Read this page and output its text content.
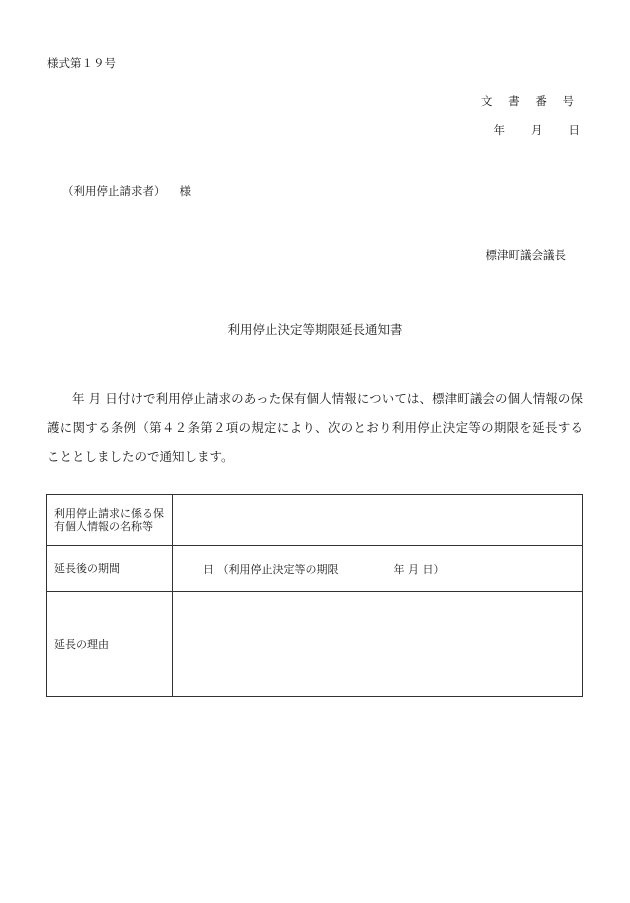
様式第１９号
文 書 番 号
年 月 日
（利用停止請求者） 様
標津町議会議長
利用停止決定等期限延長通知書
年 月 日付けで利用停止請求のあった保有個人情報については、標津町議会の個人情報の保護に関する条例（第４２条第２項の規定により、次のとおり利用停止決定等の期限を延長することとしましたので通知します。
利用停止請求に係る保有個人情報の名称等	
延長後の期間	日 （利用停止決定等の期限　　　　　年 月 日）
延長の理由	
